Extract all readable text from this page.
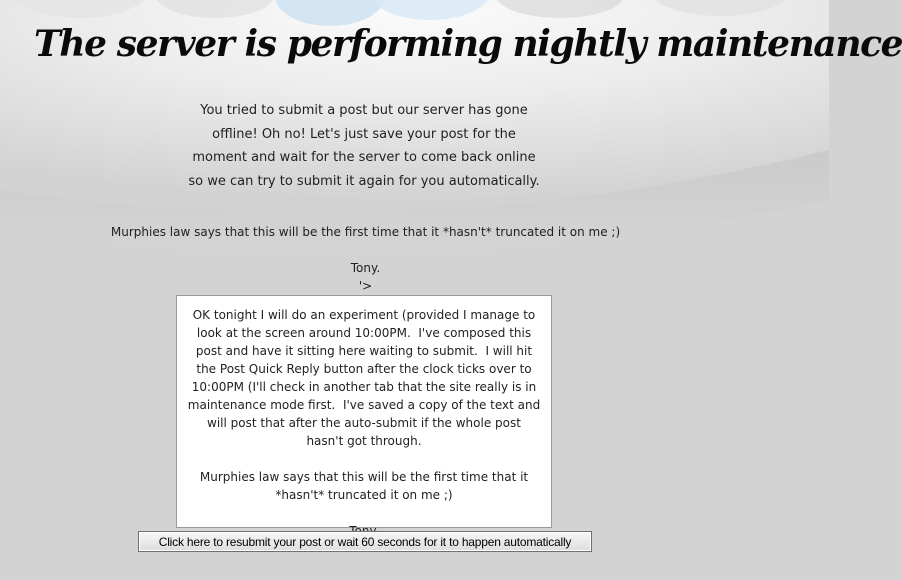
The server is performing nightly maintenance

You tried to submit a post but our server has gone offline! Oh no! Let's just save your post for the moment and wait for the server to come back online so we can try to submit it again for you automatically.

Murphies law says that this will be the first time that it *hasn't* truncated it on me ;)
Tony.
'>
OK tonight I will do an experiment (provided I manage to look at the screen around 10:00PM.  I've composed this post and have it sitting here waiting to submit.  I will hit the Post Quick Reply button after the clock ticks over to 10:00PM (I'll check in another tab that the site really is in maintenance mode first.  I've saved a copy of the text and will post that after the auto-submit if the whole post hasn't got through.

Murphies law says that this will be the first time that it *hasn't* truncated it on me ;)

Click here to resubmit your post or wait 60 seconds for it to happen automatically
